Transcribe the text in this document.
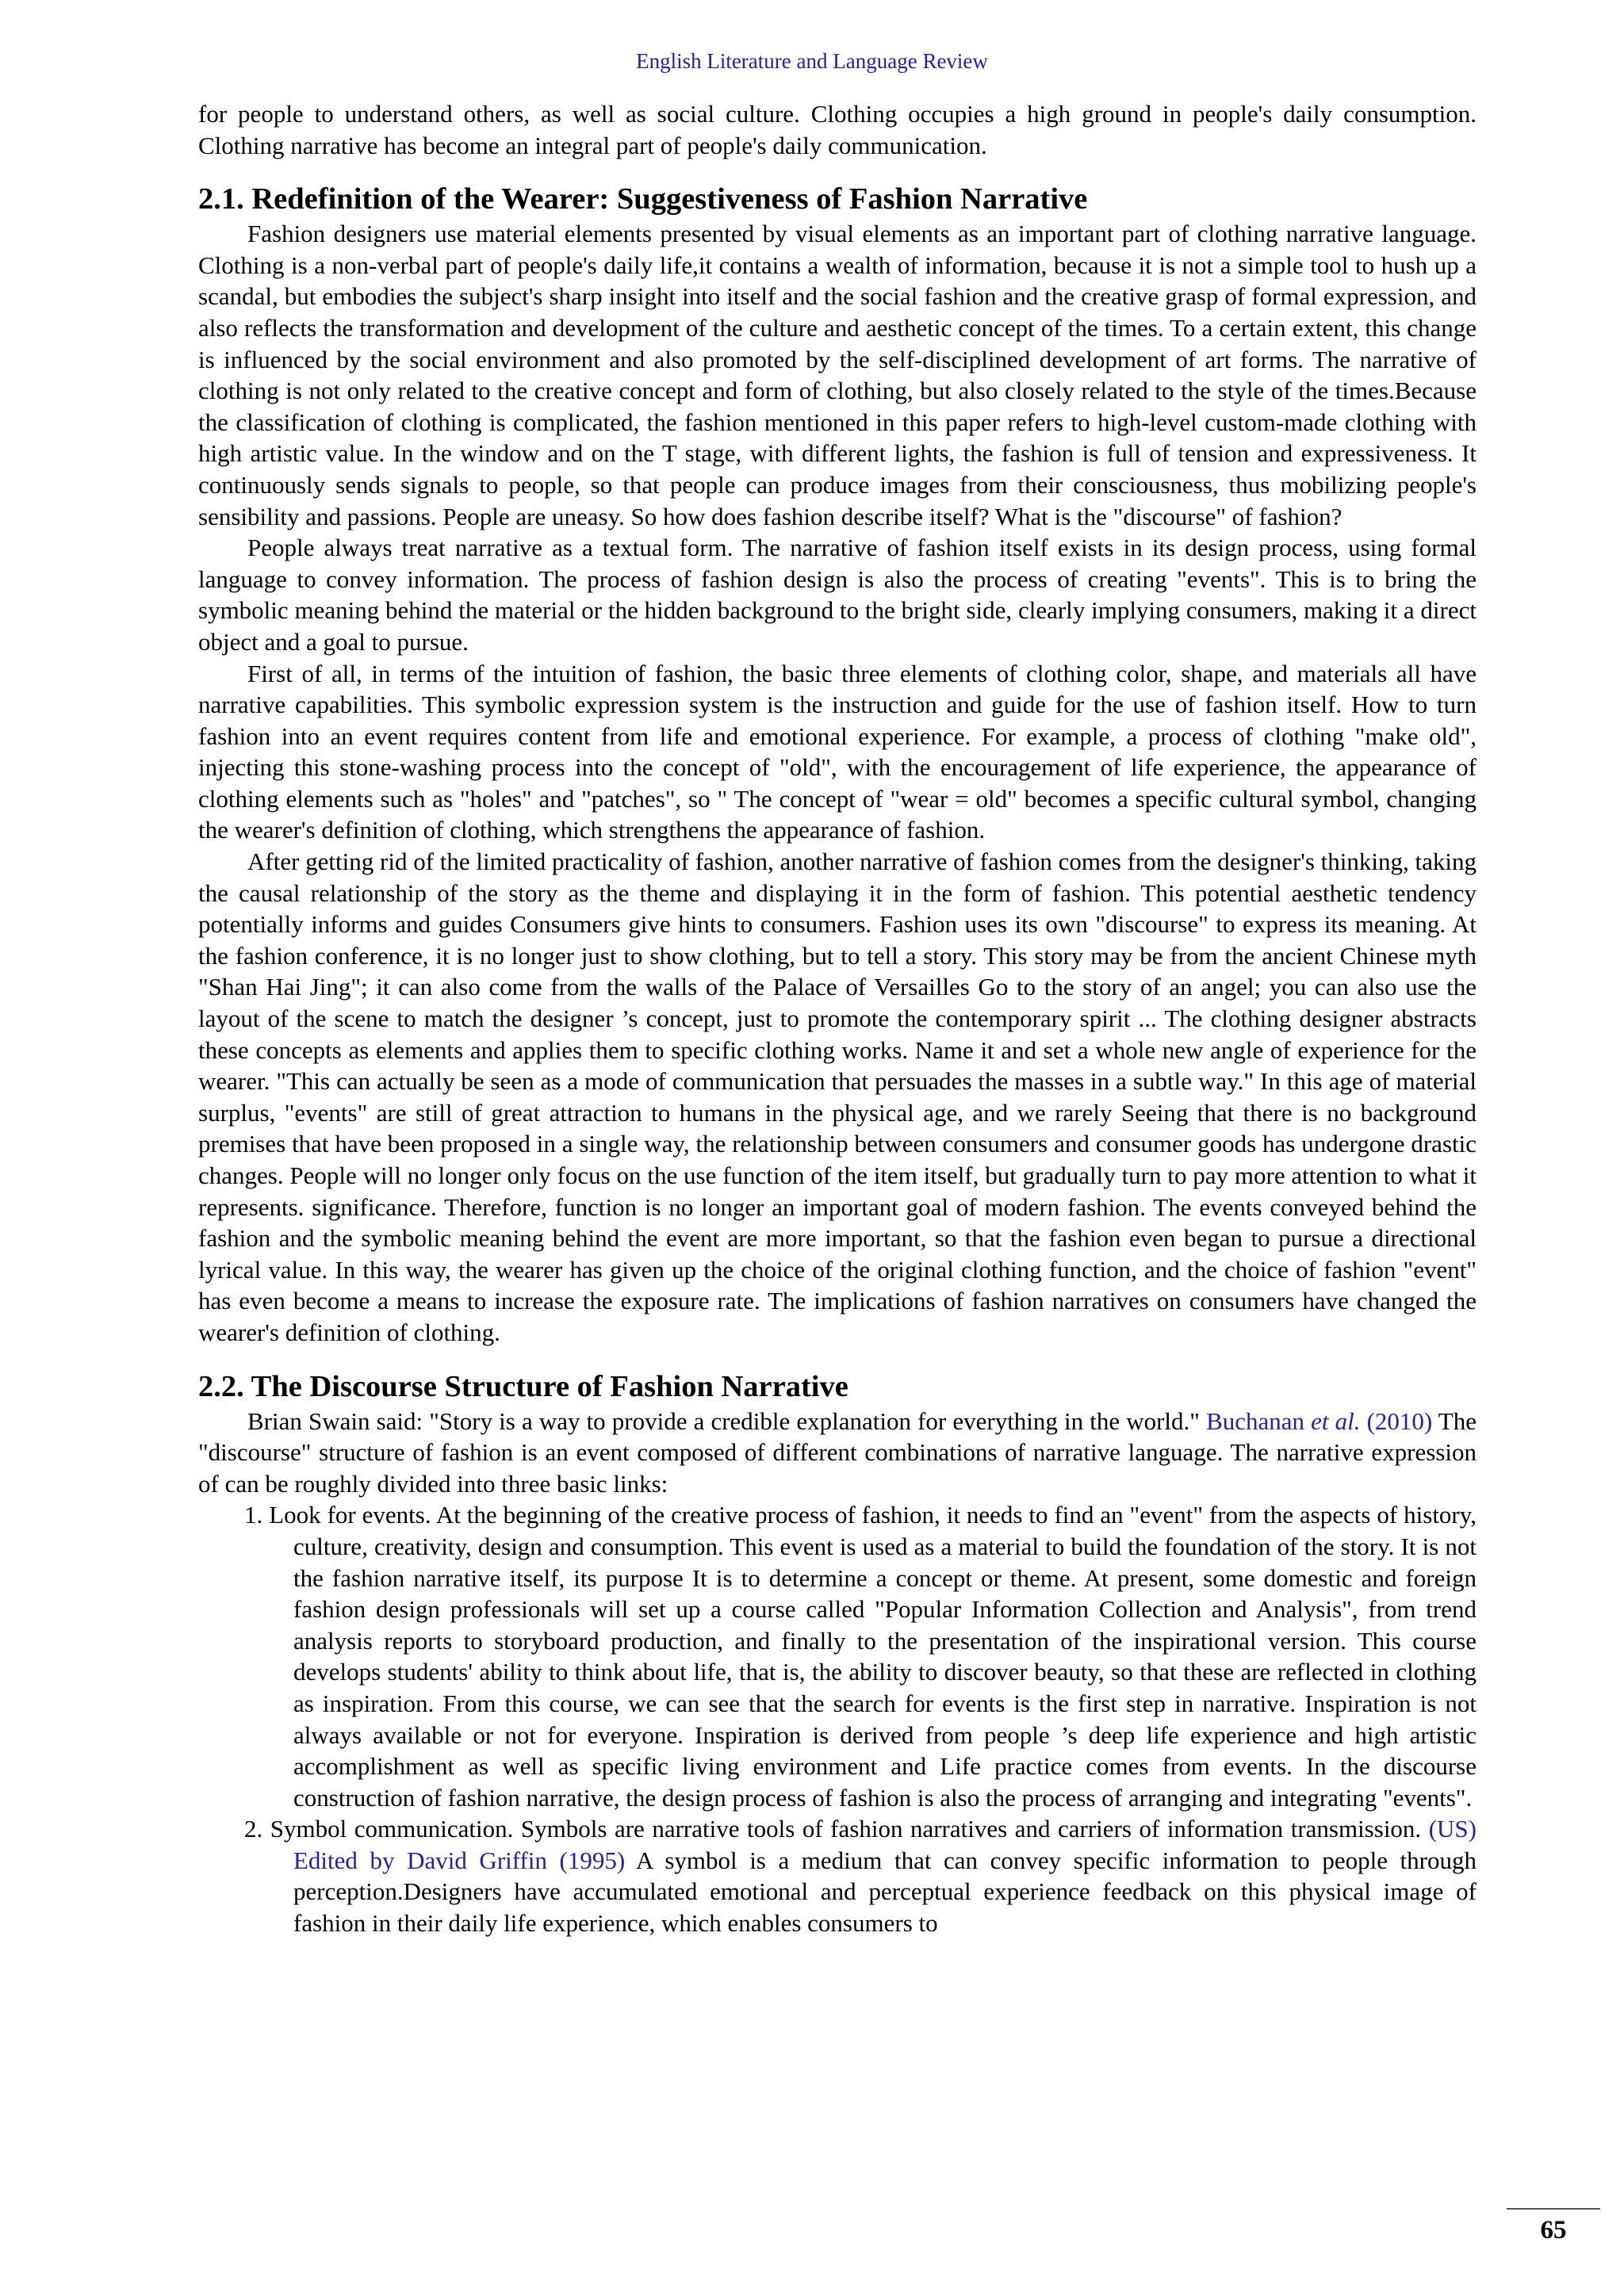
English Literature and Language Review

for people to understand others, as well as social culture. Clothing occupies a high ground in people's daily consumption. Clothing narrative has become an integral part of people's daily communication.

2.1. Redefinition of the Wearer: Suggestiveness of Fashion Narrative

Fashion designers use material elements presented by visual elements as an important part of clothing narrative language. Clothing is a non-verbal part of people's daily life,it contains a wealth of information, because it is not a simple tool to hush up a scandal, but embodies the subject's sharp insight into itself and the social fashion and the creative grasp of formal expression, and also reflects the transformation and development of the culture and aesthetic concept of the times. To a certain extent, this change is influenced by the social environment and also promoted by the self-disciplined development of art forms. The narrative of clothing is not only related to the creative concept and form of clothing, but also closely related to the style of the times.Because the classification of clothing is complicated, the fashion mentioned in this paper refers to high-level custom-made clothing with high artistic value. In the window and on the T stage, with different lights, the fashion is full of tension and expressiveness. It continuously sends signals to people, so that people can produce images from their consciousness, thus mobilizing people's sensibility and passions. People are uneasy. So how does fashion describe itself? What is the "discourse" of fashion?

People always treat narrative as a textual form. The narrative of fashion itself exists in its design process, using formal language to convey information. The process of fashion design is also the process of creating "events". This is to bring the symbolic meaning behind the material or the hidden background to the bright side, clearly implying consumers, making it a direct object and a goal to pursue.

First of all, in terms of the intuition of fashion, the basic three elements of clothing color, shape, and materials all have narrative capabilities. This symbolic expression system is the instruction and guide for the use of fashion itself. How to turn fashion into an event requires content from life and emotional experience. For example, a process of clothing "make old", injecting this stone-washing process into the concept of "old", with the encouragement of life experience, the appearance of clothing elements such as "holes" and "patches", so " The concept of "wear = old" becomes a specific cultural symbol, changing the wearer's definition of clothing, which strengthens the appearance of fashion.

After getting rid of the limited practicality of fashion, another narrative of fashion comes from the designer's thinking, taking the causal relationship of the story as the theme and displaying it in the form of fashion. This potential aesthetic tendency potentially informs and guides Consumers give hints to consumers. Fashion uses its own "discourse" to express its meaning. At the fashion conference, it is no longer just to show clothing, but to tell a story. This story may be from the ancient Chinese myth "Shan Hai Jing"; it can also come from the walls of the Palace of Versailles Go to the story of an angel; you can also use the layout of the scene to match the designer ’s concept, just to promote the contemporary spirit ... The clothing designer abstracts these concepts as elements and applies them to specific clothing works. Name it and set a whole new angle of experience for the wearer. "This can actually be seen as a mode of communication that persuades the masses in a subtle way." In this age of material surplus, "events" are still of great attraction to humans in the physical age, and we rarely Seeing that there is no background premises that have been proposed in a single way, the relationship between consumers and consumer goods has undergone drastic changes. People will no longer only focus on the use function of the item itself, but gradually turn to pay more attention to what it represents. significance. Therefore, function is no longer an important goal of modern fashion. The events conveyed behind the fashion and the symbolic meaning behind the event are more important, so that the fashion even began to pursue a directional lyrical value. In this way, the wearer has given up the choice of the original clothing function, and the choice of fashion "event" has even become a means to increase the exposure rate. The implications of fashion narratives on consumers have changed the wearer's definition of clothing.

2.2. The Discourse Structure of Fashion Narrative

Brian Swain said: "Story is a way to provide a credible explanation for everything in the world." Buchanan et al. (2010) The "discourse" structure of fashion is an event composed of different combinations of narrative language. The narrative expression of can be roughly divided into three basic links:

1. Look for events. At the beginning of the creative process of fashion, it needs to find an "event" from the aspects of history, culture, creativity, design and consumption. This event is used as a material to build the foundation of the story. It is not the fashion narrative itself, its purpose It is to determine a concept or theme. At present, some domestic and foreign fashion design professionals will set up a course called "Popular Information Collection and Analysis", from trend analysis reports to storyboard production, and finally to the presentation of the inspirational version. This course develops students' ability to think about life, that is, the ability to discover beauty, so that these are reflected in clothing as inspiration. From this course, we can see that the search for events is the first step in narrative. Inspiration is not always available or not for everyone. Inspiration is derived from people ’s deep life experience and high artistic accomplishment as well as specific living environment and Life practice comes from events. In the discourse construction of fashion narrative, the design process of fashion is also the process of arranging and integrating "events".
2. Symbol communication. Symbols are narrative tools of fashion narratives and carriers of information transmission. (US) Edited by David Griffin (1995) A symbol is a medium that can convey specific information to people through perception.Designers have accumulated emotional and perceptual experience feedback on this physical image of fashion in their daily life experience, which enables consumers to
65
